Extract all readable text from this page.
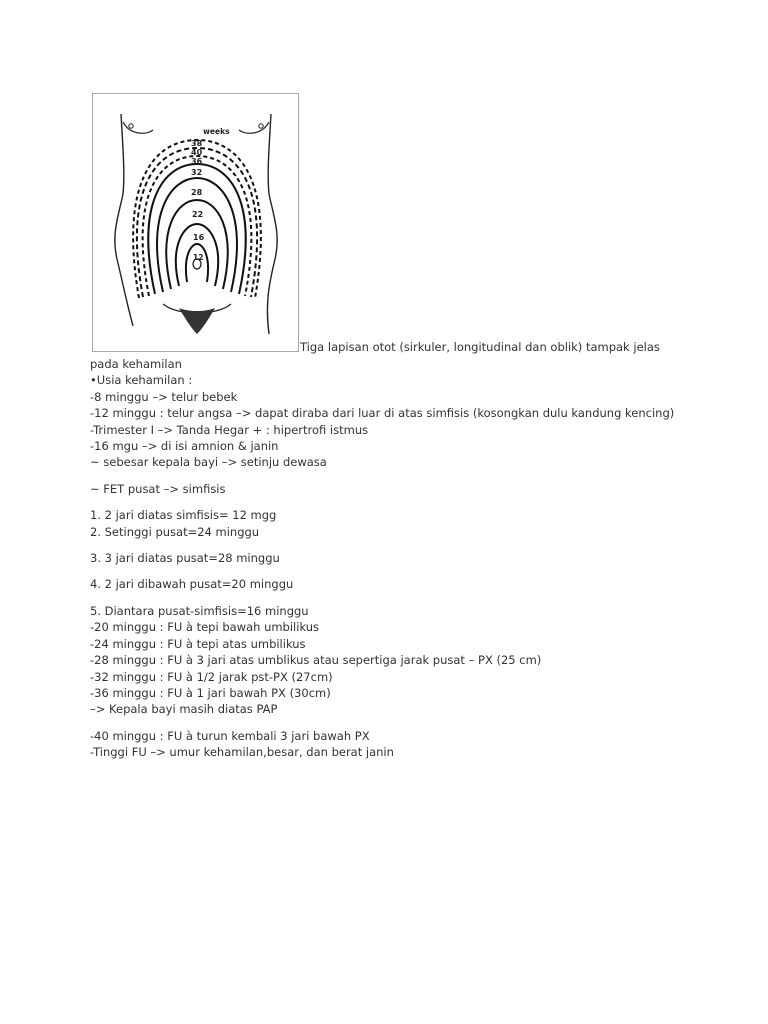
weeks
38
40
36
32
28
22
16
12
Tiga lapisan otot (sirkuler, longitudinal dan oblik) tampak jelas
pada kehamilan
•Usia kehamilan :
-8 minggu –> telur bebek
-12 minggu : telur angsa –> dapat diraba dari luar di atas simfisis (kosongkan dulu kandung kencing)
-Trimester I –> Tanda Hegar + : hipertrofi istmus
-16 mgu –> di isi amnion & janin
~ sebesar kepala bayi –> setinju dewasa
~ FET pusat –> simfisis
1. 2 jari diatas simfisis= 12 mgg
2. Setinggi pusat=24 minggu
3. 3 jari diatas pusat=28 minggu
4. 2 jari dibawah pusat=20 minggu
5. Diantara pusat-simfisis=16 minggu
-20 minggu : FU à tepi bawah umbilikus
-24 minggu : FU à tepi atas umbilikus
-28 minggu : FU à 3 jari atas umblikus atau sepertiga jarak pusat – PX (25 cm)
-32 minggu : FU à 1/2 jarak pst-PX (27cm)
-36 minggu : FU à 1 jari bawah PX (30cm)
–> Kepala bayi masih diatas PAP
-40 minggu : FU à turun kembali 3 jari bawah PX
-Tinggi FU –> umur kehamilan,besar, dan berat janin
